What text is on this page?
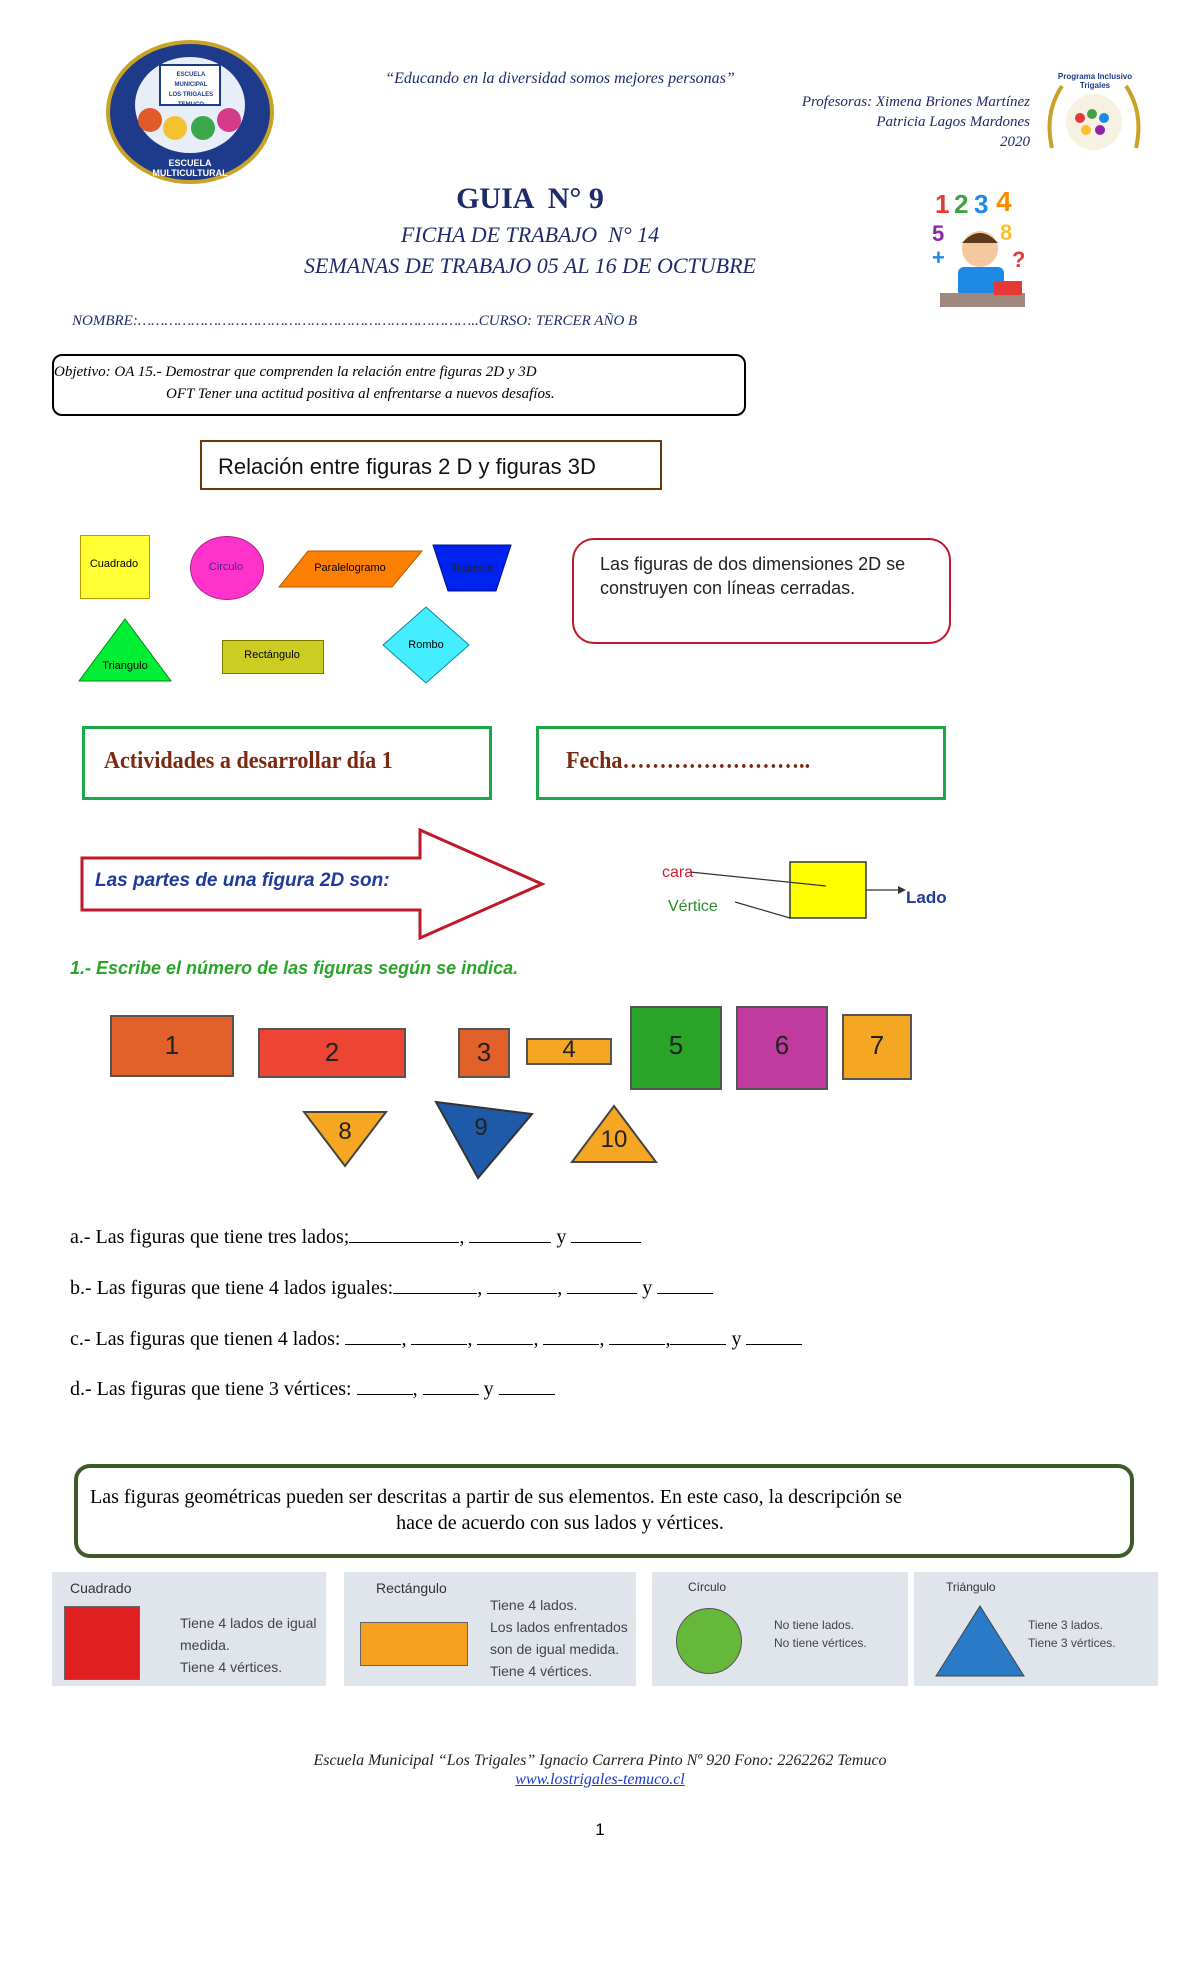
ESCUELA MUNICIPAL
LOS TRIGALES
TEMUCO
ESCUELA MULTICULTURAL
“Educando en la diversidad somos mejores personas”
Profesoras: Ximena Briones Martínez
Patricia Lagos Mardones
2020
Programa Inclusivo Trigales
GUIA  N° 9
FICHA DE TRABAJO  N° 14
SEMANAS DE TRABAJO 05 AL 16 DE OCTUBRE
1 2 3 4
5	8
+	?
NOMBRE:…………………………………………………………………..CURSO: TERCER AÑO B
Objetivo: OA 15.- Demostrar que comprenden la relación entre figuras 2D y 3D
OFT Tener una actitud positiva al enfrentarse a nuevos desafíos.
Relación entre figuras 2 D y figuras 3D
Cuadrado	Circulo	Paralelogramo	Trapecio
Triangulo
Rectángulo
Rombo
Las figuras de dos dimensiones 2D se construyen con líneas cerradas.
Actividades a desarrollar día 1	Fecha……………………..
Las partes de una figura 2D son:	cara
Vértice	Lado
1.- Escribe el número de las figuras según se indica.
1	2	3	4	5	6	7
8	9	10
a.- Las figuras que tiene tres lados;	,	y
b.- Las figuras que tiene 4 lados iguales:	,	,	y
c.- Las figuras que tienen 4 lados:	,	,	,	,	,	y
d.- Las figuras que tiene 3 vértices:	,	y
Las figuras geométricas pueden ser descritas a partir de sus elementos. En este caso, la descripción se
hace de acuerdo con sus lados y vértices.
Cuadrado
Tiene 4 lados de igual
medida.
Tiene 4 vértices.
Rectángulo
Tiene 4 lados.
Los lados enfrentados
son de igual medida.
Tiene 4 vértices.
Círculo
No tiene lados.
No tiene vértices.
Triángulo
Tiene 3 lados.
Tiene 3 vértices.
Escuela Municipal “Los Trigales” Ignacio Carrera Pinto Nº 920 Fono: 2262262 Temuco
www.lostrigales-temuco.cl
1
